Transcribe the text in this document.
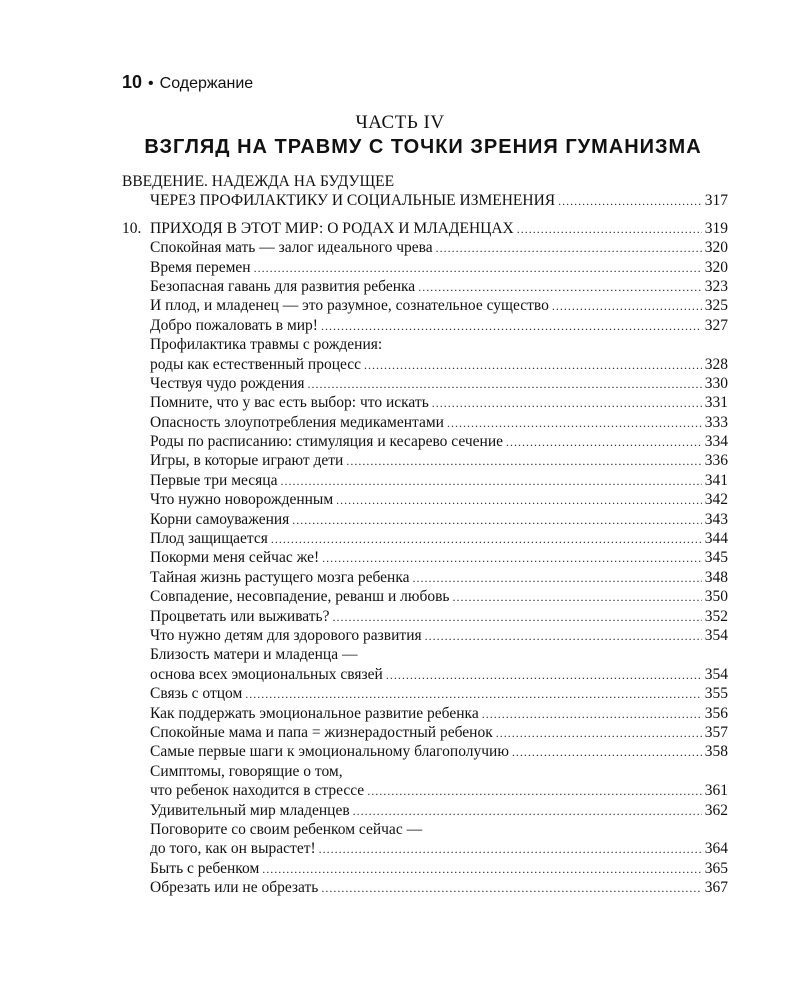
10 • Содержание
ЧАСТЬ IV
ВЗГЛЯД НА ТРАВМУ С ТОЧКИ ЗРЕНИЯ ГУМАНИЗМА
ВВЕДЕНИЕ. НАДЕЖДА НА БУДУЩЕЕ
ЧЕРЕЗ ПРОФИЛАКТИКУ И СОЦИАЛЬНЫЕ ИЗМЕНЕНИЯ .....	317
10. ПРИХОДЯ В ЭТОТ МИР: О РОДАХ И МЛАДЕНЦАХ .....	319
Спокойная мать — залог идеального чрева .....	320
Время перемен .....	320
Безопасная гавань для развития ребенка .....	323
И плод, и младенец — это разумное, сознательное существо .....	325
Добро пожаловать в мир! .....	327
Профилактика травмы с рождения:
роды как естественный процесс .....	328
Чествуя чудо рождения .....	330
Помните, что у вас есть выбор: что искать .....	331
Опасность злоупотребления медикаментами .....	333
Роды по расписанию: стимуляция и кесарево сечение .....	334
Игры, в которые играют дети .....	336
Первые три месяца .....	341
Что нужно новорожденным .....	342
Корни самоуважения .....	343
Плод защищается .....	344
Покорми меня сейчас же! .....	345
Тайная жизнь растущего мозга ребенка .....	348
Совпадение, несовпадение, реванш и любовь .....	350
Процветать или выживать? .....	352
Что нужно детям для здорового развития .....	354
Близость матери и младенца —
основа всех эмоциональных связей .....	354
Связь с отцом .....	355
Как поддержать эмоциональное развитие ребенка .....	356
Спокойные мама и папа = жизнерадостный ребенок .....	357
Самые первые шаги к эмоциональному благополучию .....	358
Симптомы, говорящие о том,
что ребенок находится в стрессе .....	361
Удивительный мир младенцев .....	362
Поговорите со своим ребенком сейчас —
до того, как он вырастет! .....	364
Быть с ребенком .....	365
Обрезать или не обрезать .....	367
